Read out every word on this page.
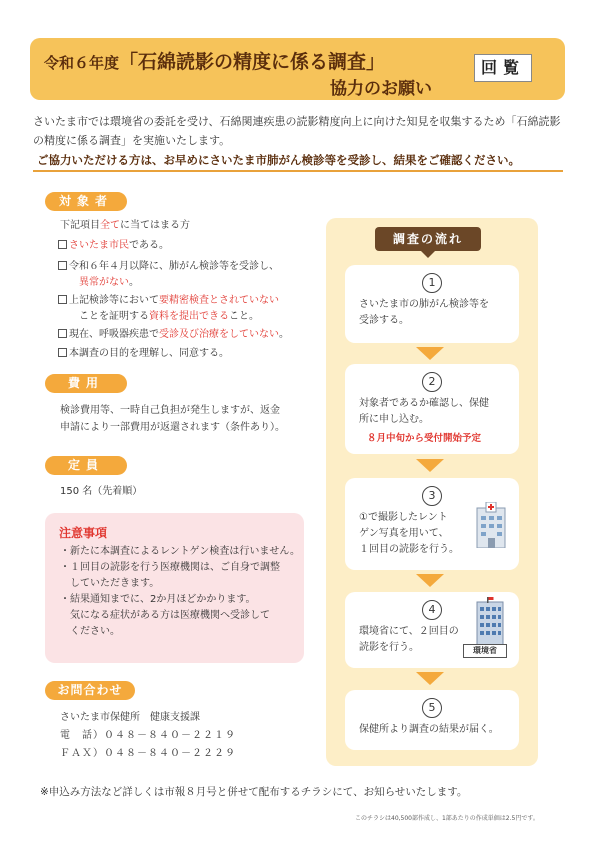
令和６年度「石綿読影の精度に係る調査」
協力のお願い
回覧
さいたま市では環境省の委託を受け、石綿関連疾患の読影精度向上に向けた知見を収集するため「石綿読影の精度に係る調査」を実施いたします。
ご協力いただける方は、お早めにさいたま市肺がん検診等を受診し、結果をご確認ください。
対象者
下記項目全てに当てはまる方
さいたま市民である。
令和６年４月以降に、肺がん検診等を受診し、
異常がない。
上記検診等において要精密検査とされていない
ことを証明する資料を提出できること。
現在、呼吸器疾患で受診及び治療をしていない。
本調査の目的を理解し、同意する。
費用
検診費用等、一時自己負担が発生しますが、返金
申請により一部費用が返還されます（条件あり）。
定員
150 名（先着順）
注意事項
・新たに本調査によるレントゲン検査は行いません。
・１回目の読影を行う医療機関は、ご自身で調整
　していただきます。
・結果通知までに、2か月ほどかかります。
　気になる症状がある方は医療機関へ受診して
　ください。
お問合わせ
さいたま市保健所　健康支援課
電　話）０４８－８４０－２２１９
ＦＡＸ）０４８－８４０－２２２９
調査の流れ
1
さいたま市の肺がん検診等を
受診する。
2
対象者であるか確認し、保健
所に申し込む。
８月中旬から受付開始予定
3
①で撮影したレント
ゲン写真を用いて、
１回目の読影を行う。
4
環境省にて、２回目の
読影を行う。	環境省
5
保健所より調査の結果が届く。
※申込み方法など詳しくは市報８月号と併せて配布するチラシにて、お知らせいたします。
このチラシは40,500部作成し、1部あたりの作成単価は2.5円です。
